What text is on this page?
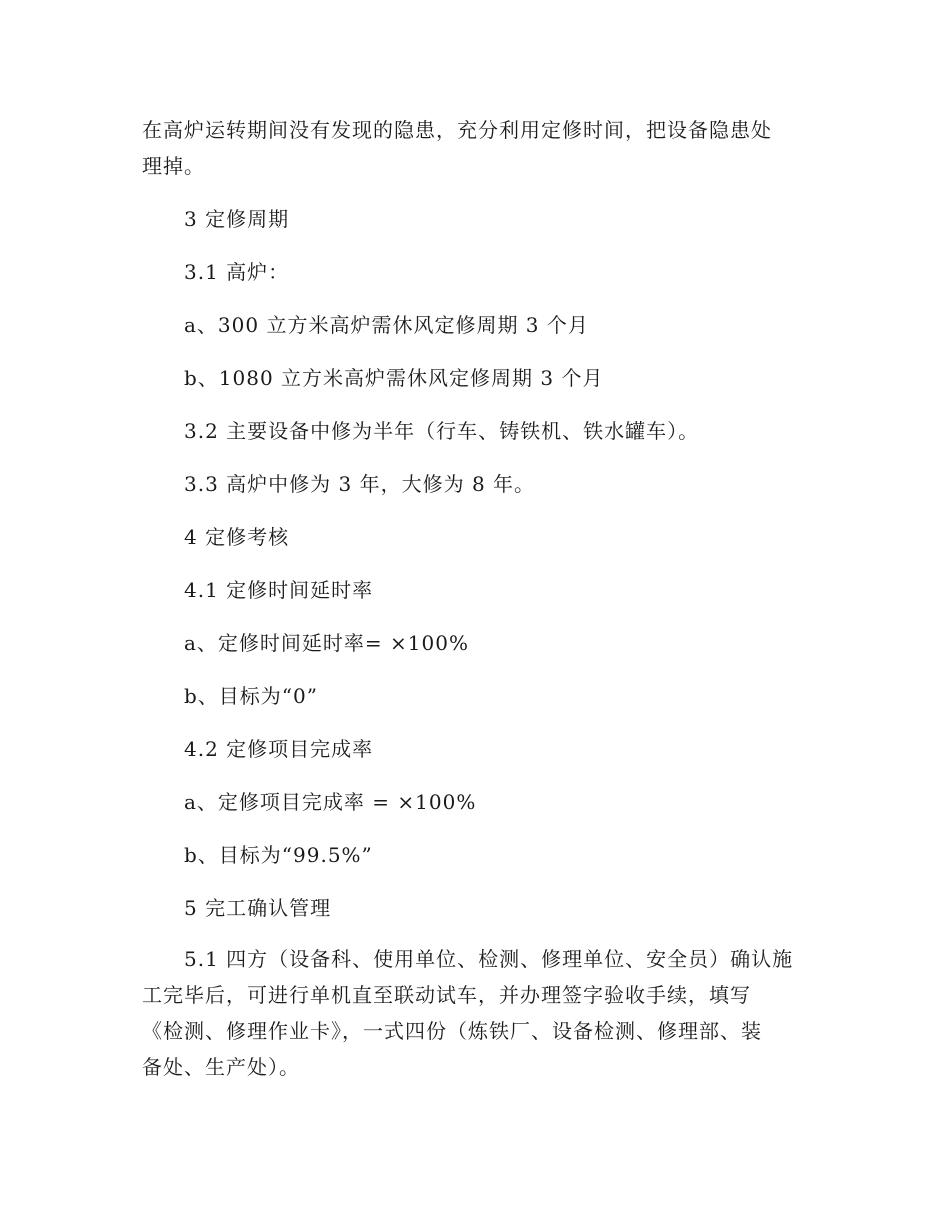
在高炉运转期间没有发现的隐患，充分利用定修时间，把设备隐患处
理掉。
3 定修周期
3.1 高炉：
a、300 立方米高炉需休风定修周期 3 个月
b、1080 立方米高炉需休风定修周期 3 个月
3.2 主要设备中修为半年（行车、铸铁机、铁水罐车）。
3.3 高炉中修为 3 年，大修为 8 年。
4 定修考核
4.1 定修时间延时率
a、定修时间延时率= ×100%
b、目标为“0”
4.2 定修项目完成率
a、定修项目完成率 = ×100%
b、目标为“99.5%”
5 完工确认管理
5.1 四方（设备科、使用单位、检测、修理单位、安全员）确认施
工完毕后，可进行单机直至联动试车，并办理签字验收手续，填写
《检测、修理作业卡》，一式四份（炼铁厂、设备检测、修理部、装
备处、生产处）。
